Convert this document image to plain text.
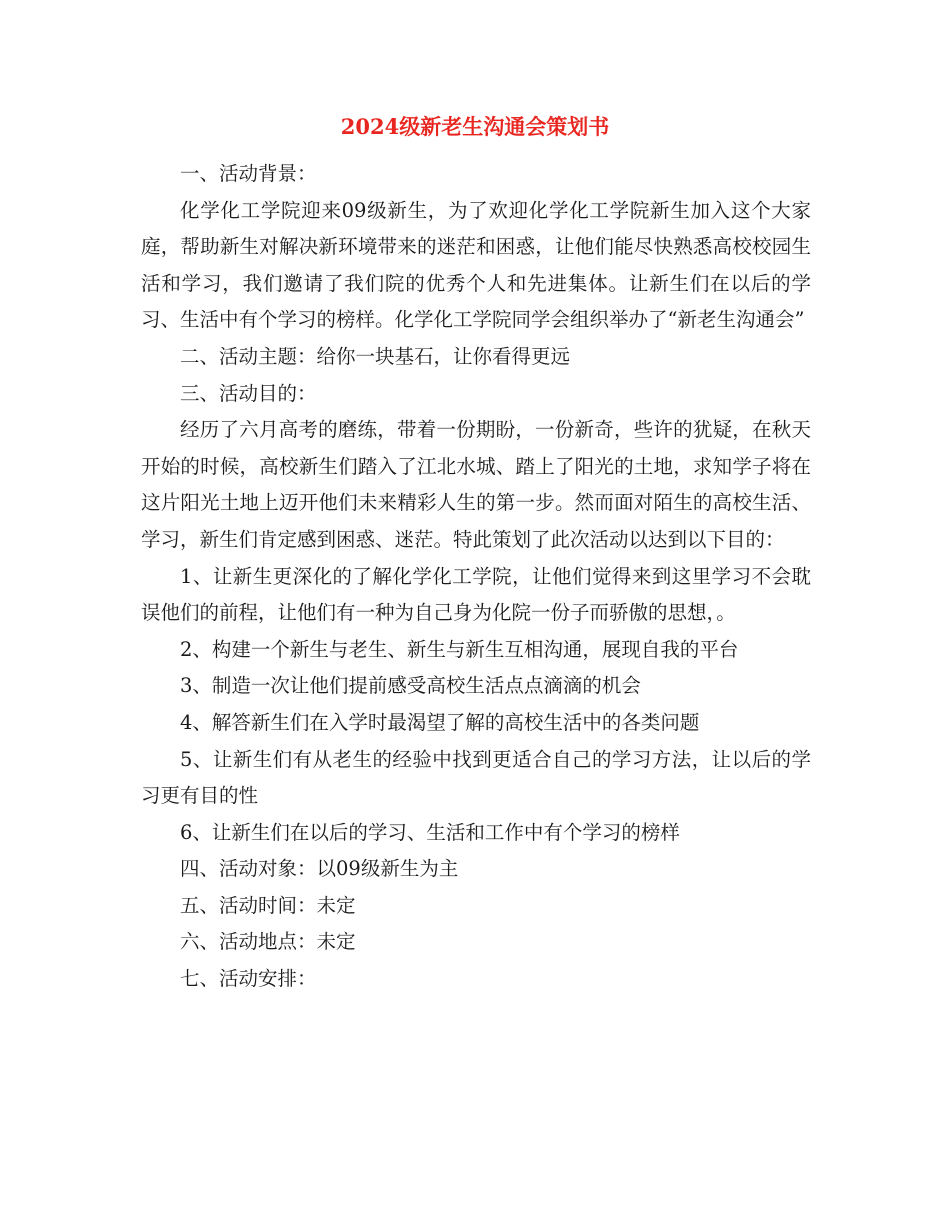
2024级新老生沟通会策划书

一、活动背景：

化学化工学院迎来09级新生，为了欢迎化学化工学院新生加入这个大家庭，帮助新生对解决新环境带来的迷茫和困惑，让他们能尽快熟悉高校校园生活和学习，我们邀请了我们院的优秀个人和先进集体。让新生们在以后的学习、生活中有个学习的榜样。化学化工学院同学会组织举办了“新老生沟通会”

二、活动主题：给你一块基石，让你看得更远

三、活动目的：

经历了六月高考的磨练，带着一份期盼，一份新奇，些许的犹疑，在秋天开始的时候，高校新生们踏入了江北水城、踏上了阳光的土地，求知学子将在这片阳光土地上迈开他们未来精彩人生的第一步。然而面对陌生的高校生活、学习，新生们肯定感到困惑、迷茫。特此策划了此次活动以达到以下目的：

1、让新生更深化的了解化学化工学院，让他们觉得来到这里学习不会耽误他们的前程，让他们有一种为自己身为化院一份子而骄傲的思想，。

2、构建一个新生与老生、新生与新生互相沟通，展现自我的平台

3、制造一次让他们提前感受高校生活点点滴滴的机会

4、解答新生们在入学时最渴望了解的高校生活中的各类问题

5、让新生们有从老生的经验中找到更适合自己的学习方法，让以后的学习更有目的性

6、让新生们在以后的学习、生活和工作中有个学习的榜样

四、活动对象：以09级新生为主

五、活动时间：未定

六、活动地点：未定

七、活动安排：
